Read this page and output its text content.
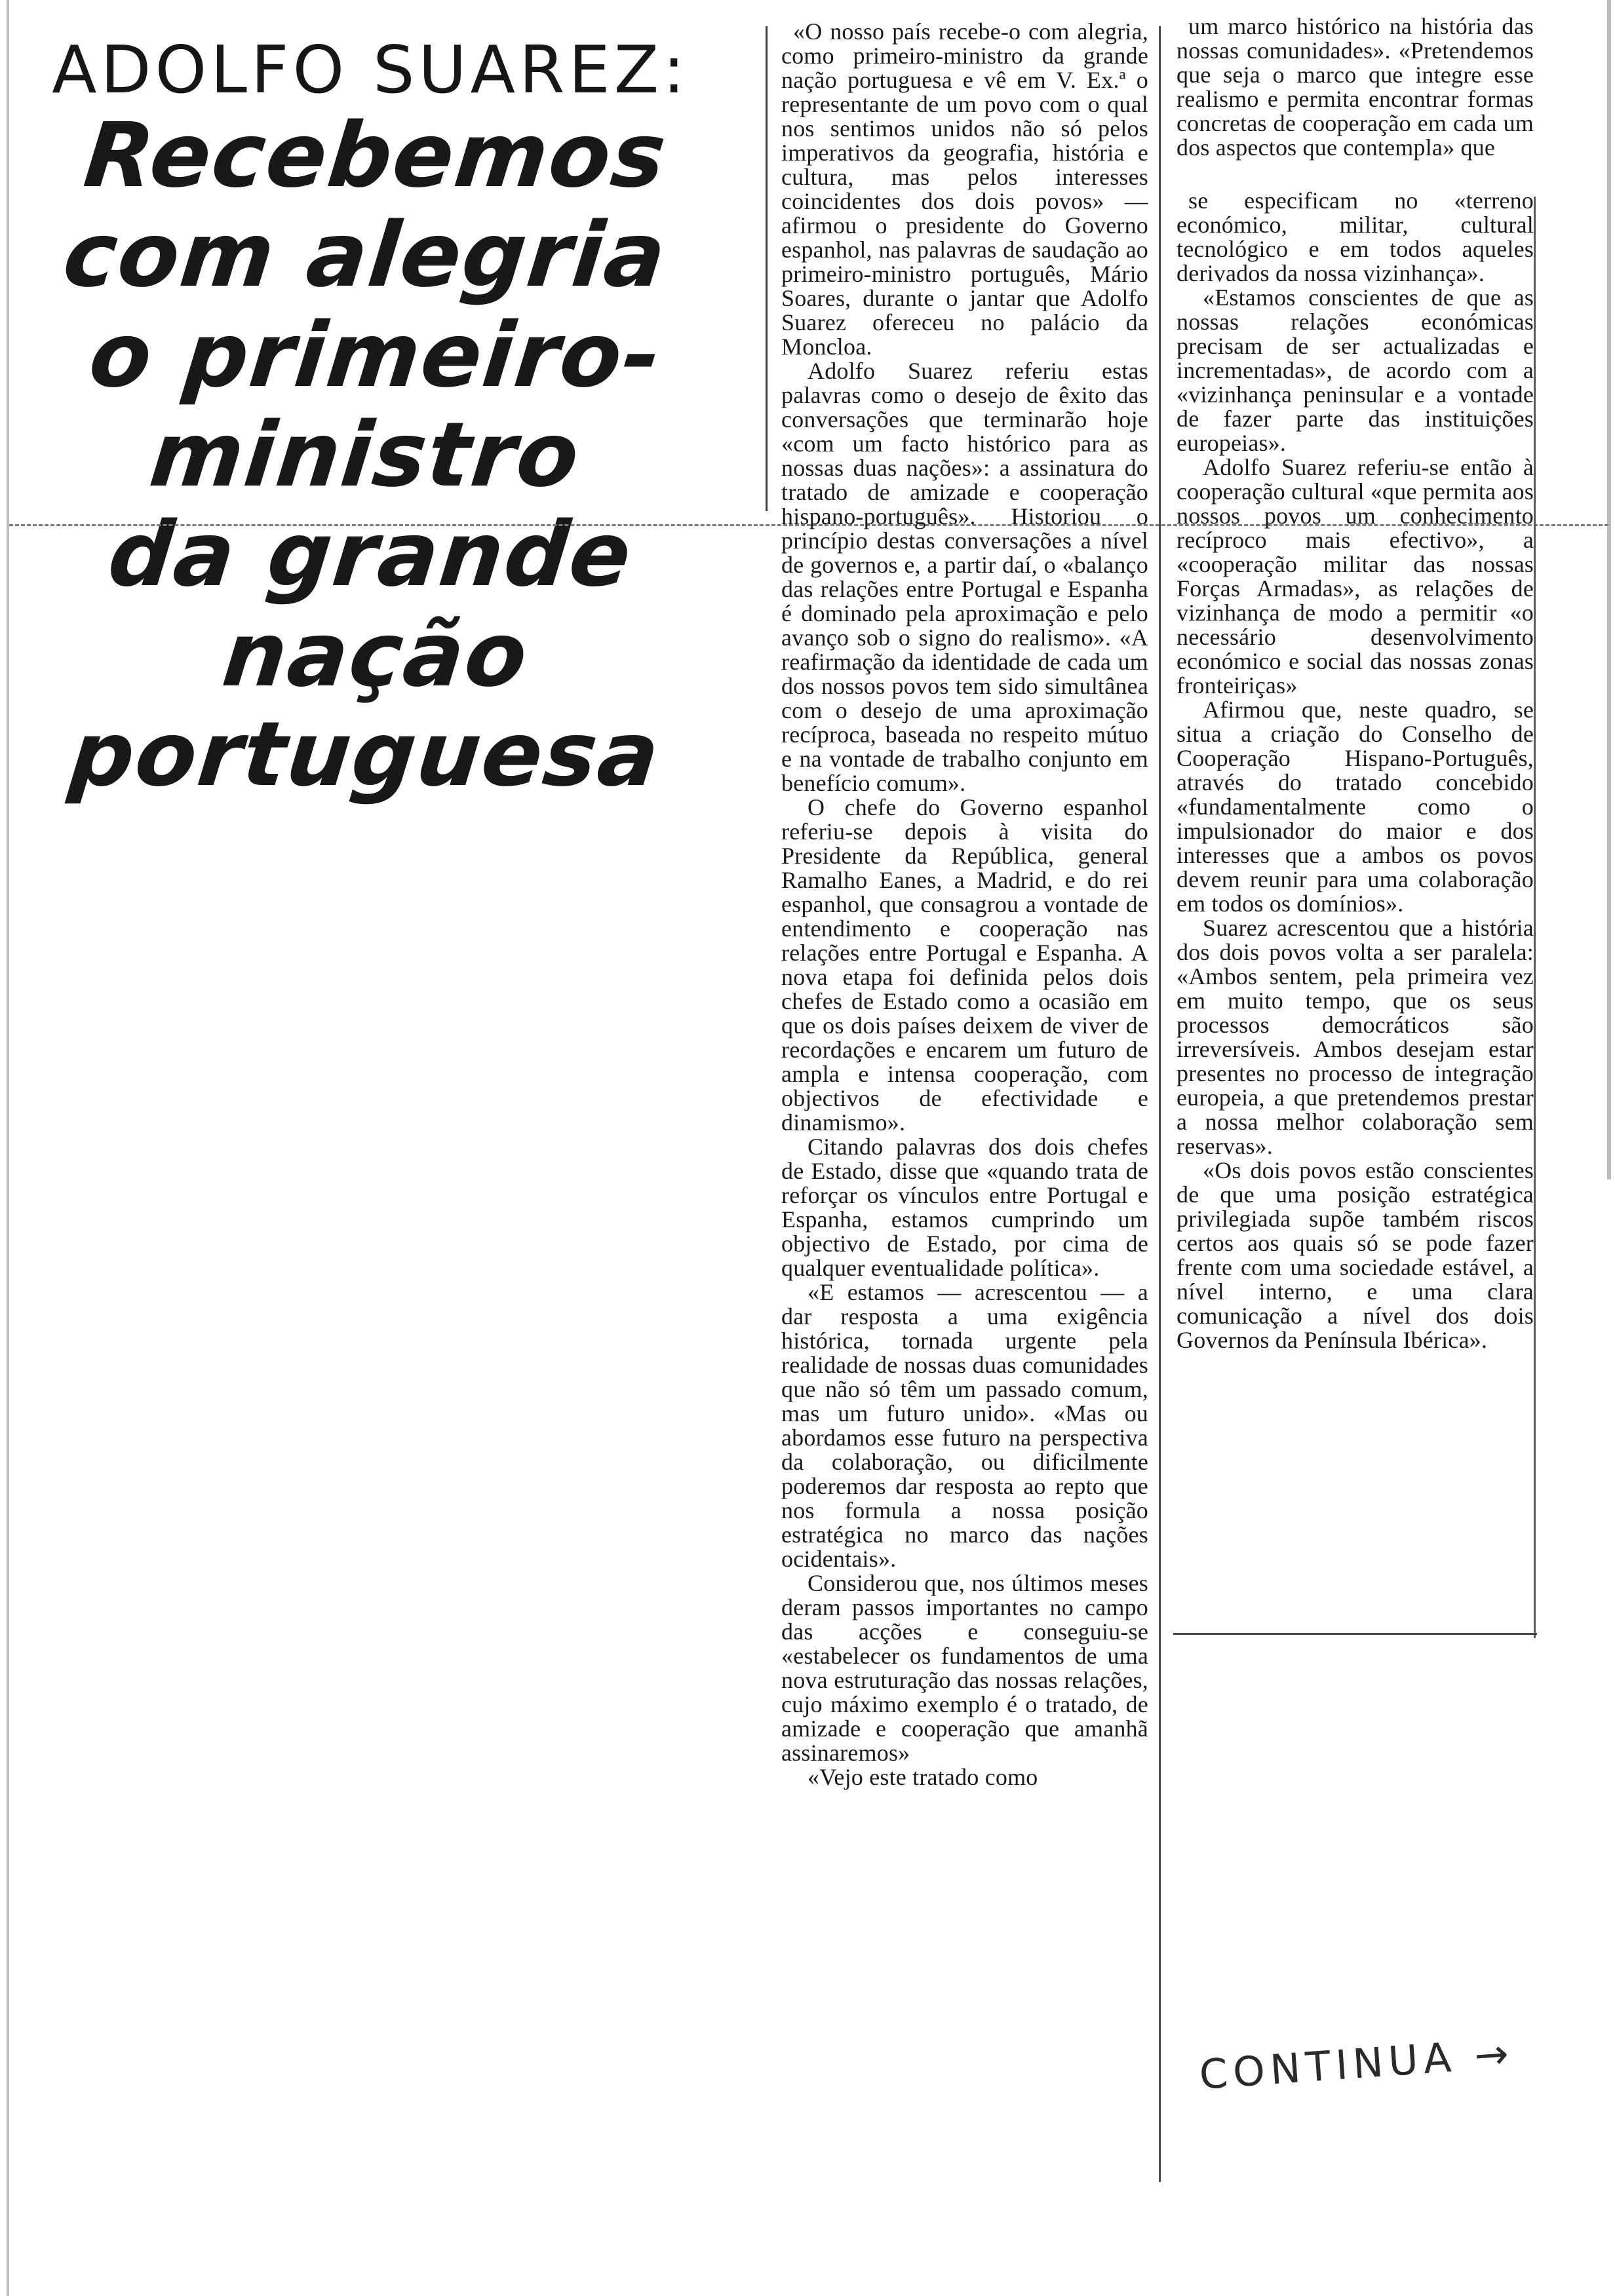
ADOLFO SUAREZ:
Recebemos com alegria
o primeiro-ministro
da grande
nação portuguesa

«O nosso país recebe-o com alegria, como primeiro-ministro da grande nação portuguesa e vê em V. Ex.ª o representante de um povo com o qual nos sentimos unidos não só pelos imperativos da geografia, história e cultura, mas pelos interesses coincidentes dos dois povos» — afirmou o presidente do Governo espanhol, nas palavras de saudação ao primeiro-ministro português, Mário Soares, durante o jantar que Adolfo Suarez ofereceu no palácio da Moncloa.

Adolfo Suarez referiu estas palavras como o desejo de êxito das conversações que terminarão hoje «com um facto histórico para as nossas duas nações»: a assinatura do tratado de amizade e cooperação hispano-português». Historiou o princípio destas conversações a nível de governos e, a partir daí, o «balanço das relações entre Portugal e Espanha é dominado pela aproximação e pelo avanço sob o signo do realismo». «A reafirmação da identidade de cada um dos nossos povos tem sido simultânea com o desejo de uma aproximação recíproca, baseada no respeito mútuo e na vontade de trabalho conjunto em benefício comum».

O chefe do Governo espanhol referiu-se depois à visita do Presidente da República, general Ramalho Eanes, a Madrid, e do rei espanhol, que consagrou a vontade de entendimento e cooperação nas relações entre Portugal e Espanha. A nova etapa foi definida pelos dois chefes de Estado como a ocasião em que os dois países deixem de viver de recordações e encarem um futuro de ampla e intensa cooperação, com objectivos de efectividade e dinamismo».

Citando palavras dos dois chefes de Estado, disse que «quando trata de reforçar os vínculos entre Portugal e Espanha, estamos cumprindo um objectivo de Estado, por cima de qualquer eventualidade política».

«E estamos — acrescentou — a dar resposta a uma exigência histórica, tornada urgente pela realidade de nossas duas comunidades que não só têm um passado comum, mas um futuro unido». «Mas ou abordamos esse futuro na perspectiva da colaboração, ou dificilmente poderemos dar resposta ao repto que nos formula a nossa posição estratégica no marco das nações ocidentais».

Considerou que, nos últimos meses deram passos importantes no campo das acções e conseguiu-se «estabelecer os fundamentos de uma nova estruturação das nossas relações, cujo máximo exemplo é o tratado, de amizade e cooperação que amanhã assinaremos»

«Vejo este tratado como

um marco histórico na história das nossas comunidades». «Pretendemos que seja o marco que integre esse realismo e permita encontrar formas concretas de cooperação em cada um dos aspectos que contempla» que

se especificam no «terreno económico, militar, cultural tecnológico e em todos aqueles derivados da nossa vizinhança».

«Estamos conscientes de que as nossas relações económicas precisam de ser actualizadas e incrementadas», de acordo com a «vizinhança peninsular e a vontade de fazer parte das instituições europeias».

Adolfo Suarez referiu-se então à cooperação cultural «que permita aos nossos povos um conhecimento recíproco mais efectivo», a «cooperação militar das nossas Forças Armadas», as relações de vizinhança de modo a permitir «o necessário desenvolvimento económico e social das nossas zonas fronteiriças»

Afirmou que, neste quadro, se situa a criação do Conselho de Cooperação Hispano-Português, através do tratado concebido «fundamentalmente como o impulsionador do maior e dos interesses que a ambos os povos devem reunir para uma colaboração em todos os domínios».

Suarez acrescentou que a história dos dois povos volta a ser paralela: «Ambos sentem, pela primeira vez em muito tempo, que os seus processos democráticos são irreversíveis. Ambos desejam estar presentes no processo de integração europeia, a que pretendemos prestar a nossa melhor colaboração sem reservas».

«Os dois povos estão conscientes de que uma posição estratégica privilegiada supõe também riscos certos aos quais só se pode fazer frente com uma sociedade estável, a nível interno, e uma clara comunicação a nível dos dois Governos da Península Ibérica».

CONTINUA →
